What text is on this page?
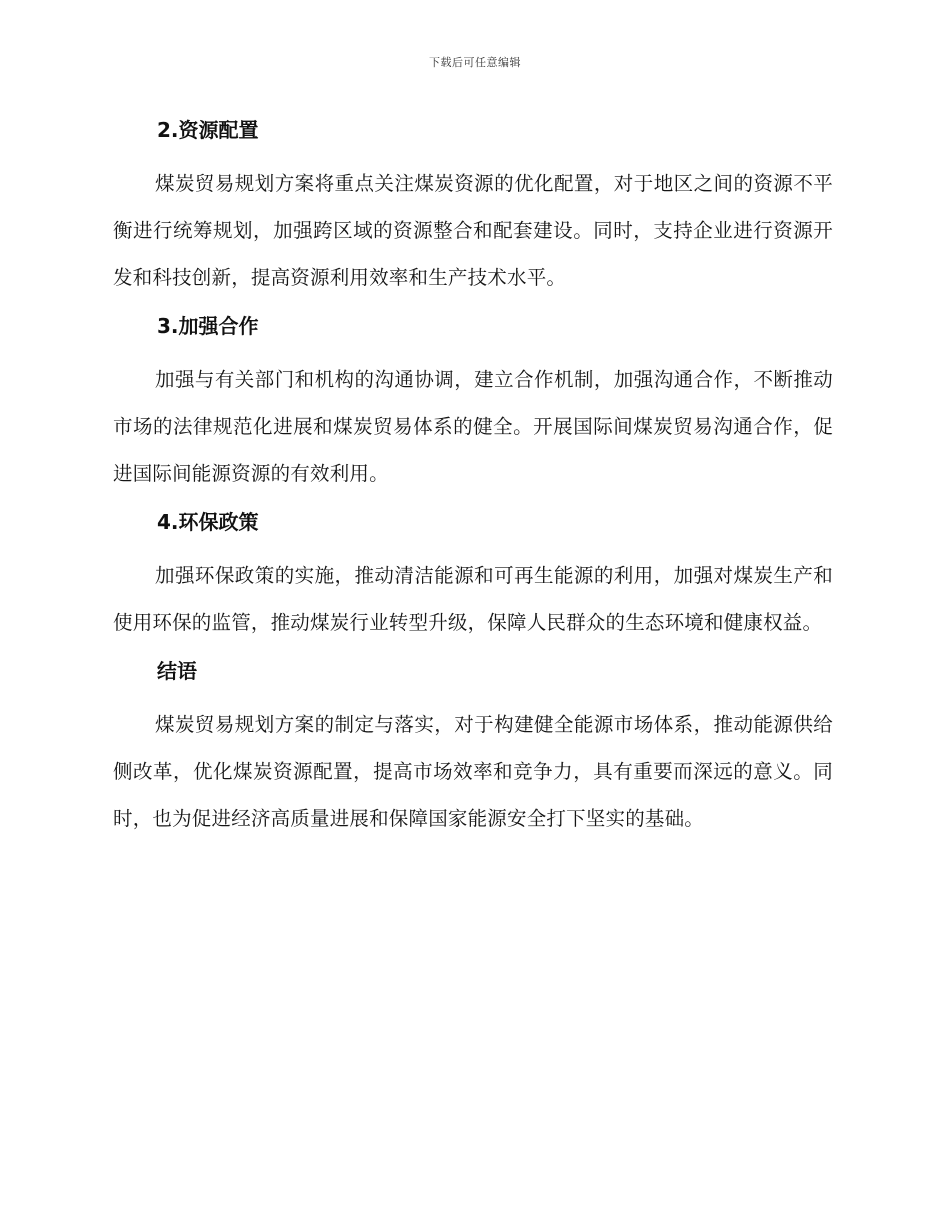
下载后可任意编辑
2.资源配置

煤炭贸易规划方案将重点关注煤炭资源的优化配置，对于地区之间的资源不平衡进行统筹规划，加强跨区域的资源整合和配套建设。同时，支持企业进行资源开发和科技创新，提高资源利用效率和生产技术水平。

3.加强合作

加强与有关部门和机构的沟通协调，建立合作机制，加强沟通合作，不断推动市场的法律规范化进展和煤炭贸易体系的健全。开展国际间煤炭贸易沟通合作，促进国际间能源资源的有效利用。

4.环保政策

加强环保政策的实施，推动清洁能源和可再生能源的利用，加强对煤炭生产和使用环保的监管，推动煤炭行业转型升级，保障人民群众的生态环境和健康权益。

结语

煤炭贸易规划方案的制定与落实，对于构建健全能源市场体系，推动能源供给侧改革，优化煤炭资源配置，提高市场效率和竞争力，具有重要而深远的意义。同时，也为促进经济高质量进展和保障国家能源安全打下坚实的基础。
